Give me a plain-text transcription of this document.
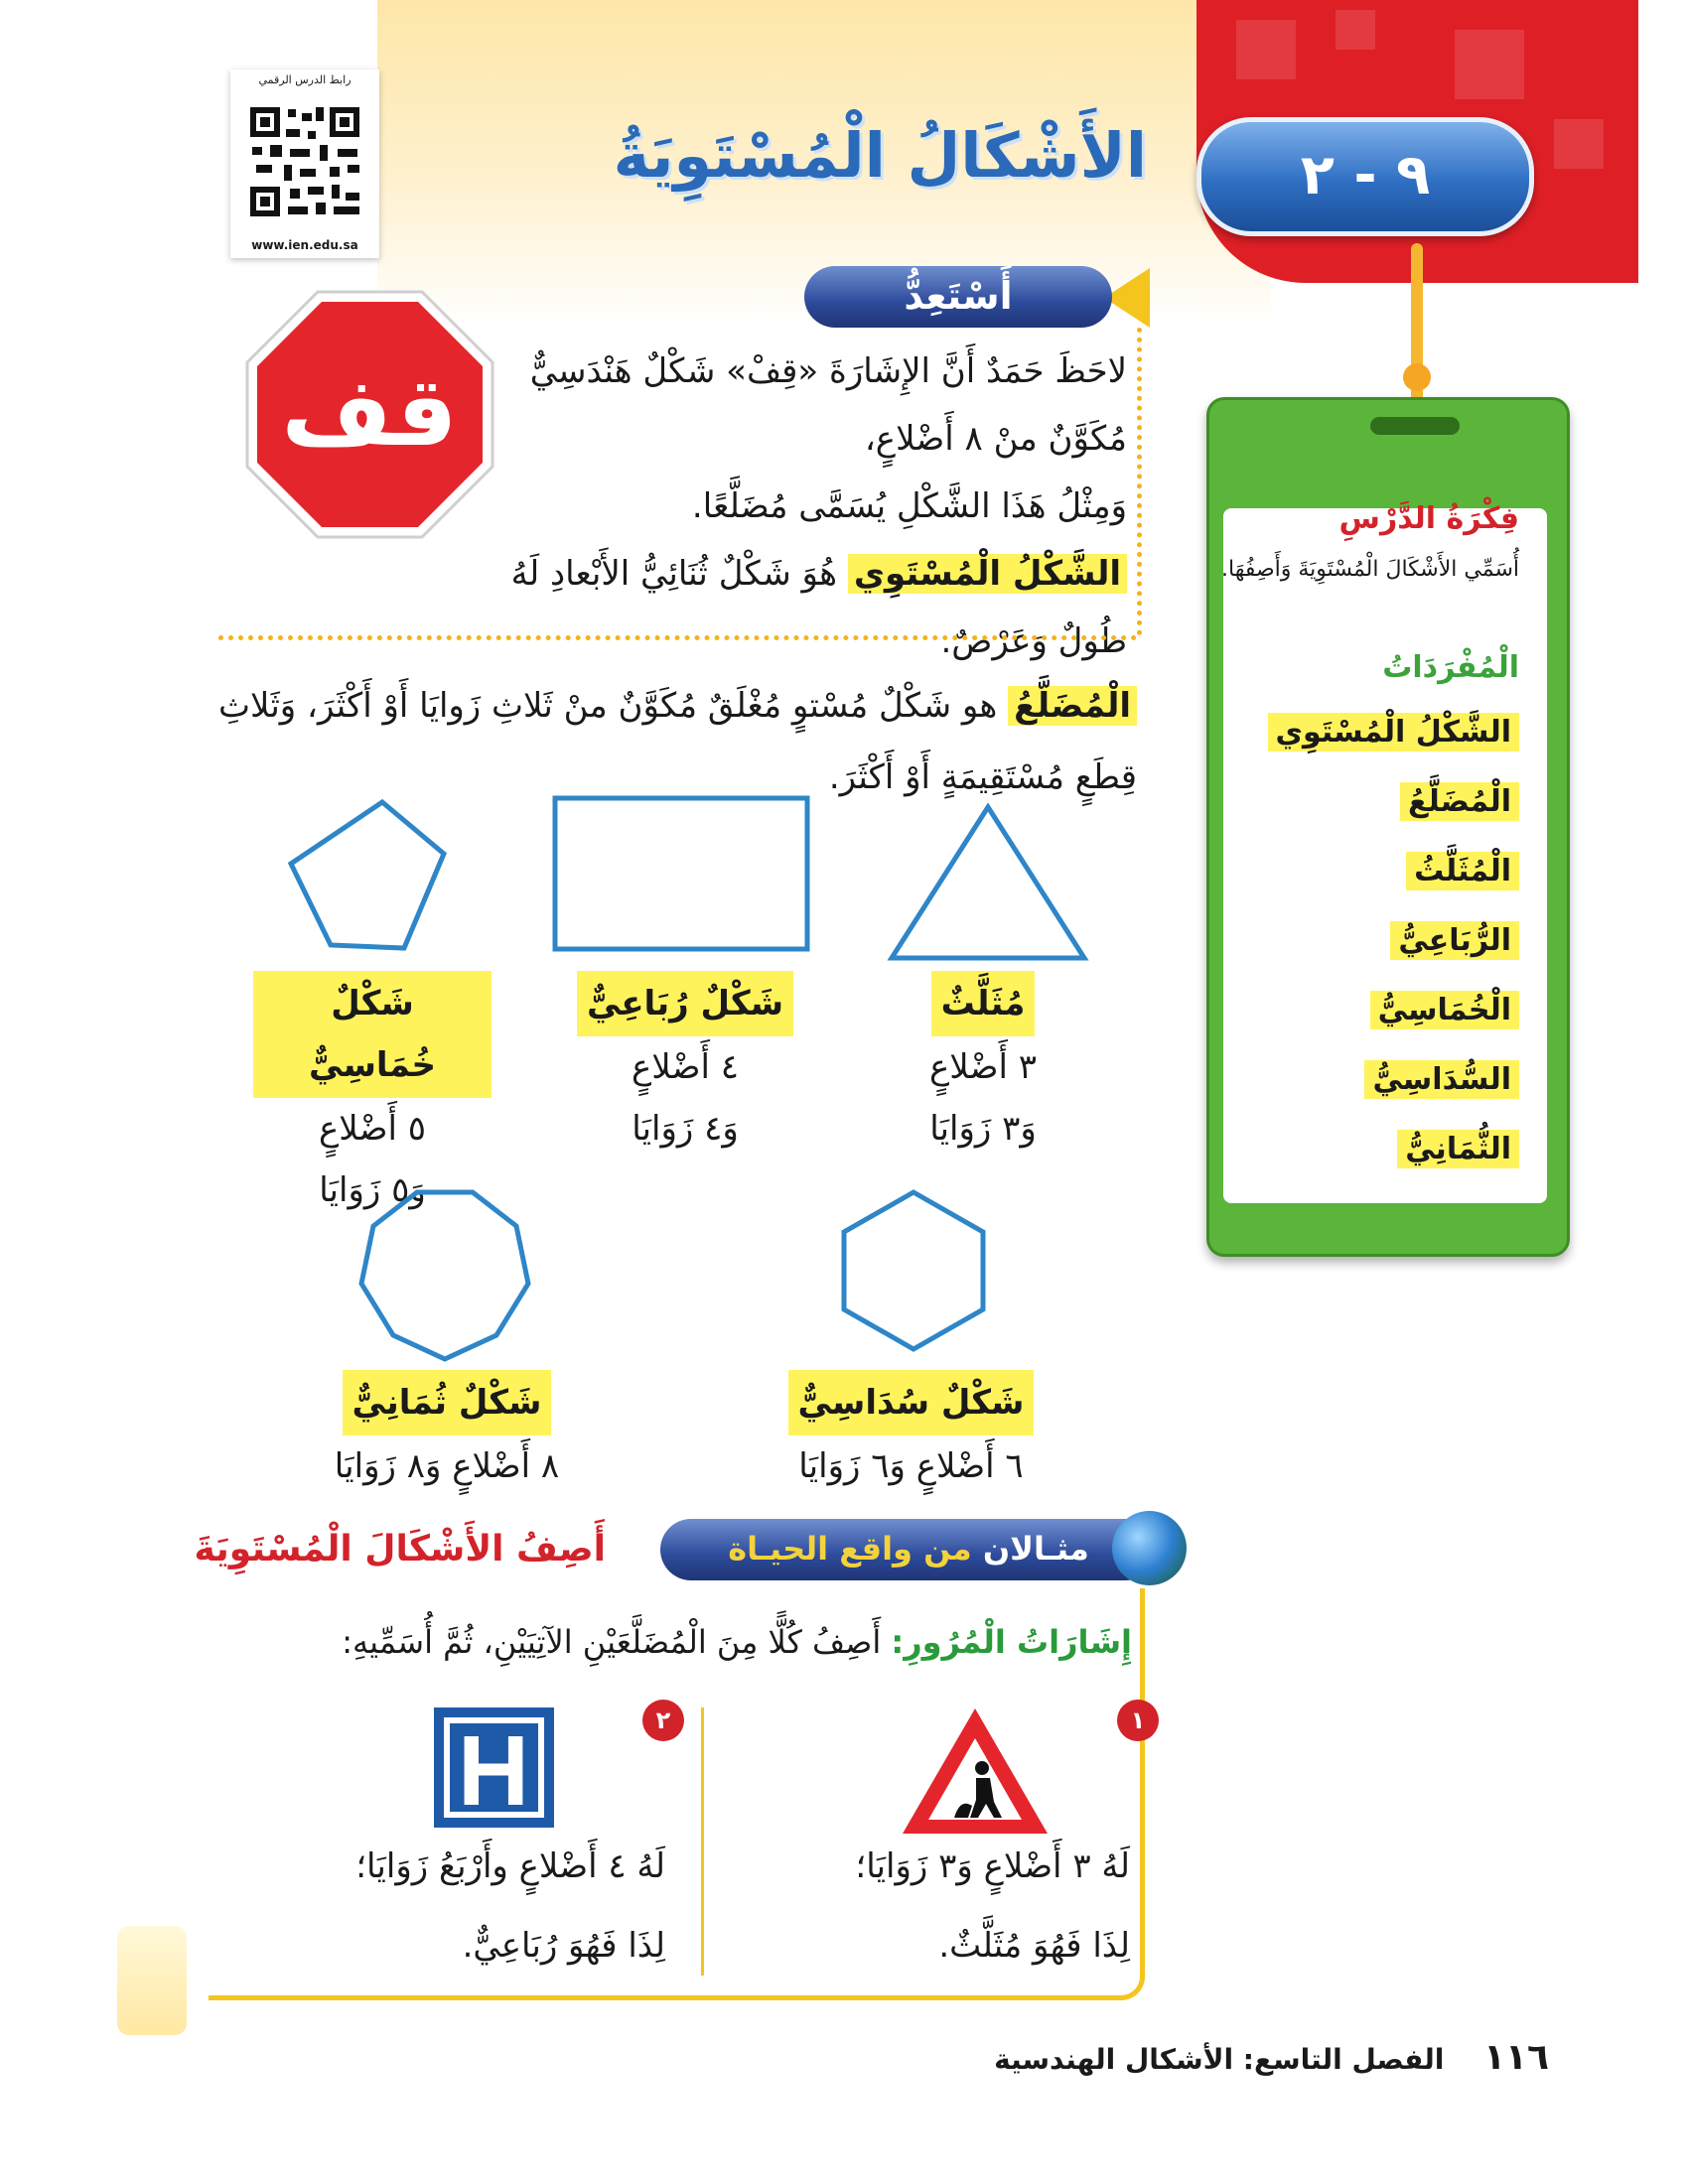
٩ - ٢
الأَشْكَالُ الْمُسْتَوِيَةُ
رابط الدرس الرقمي
www.ien.edu.sa
أَسْتَعِدُّ
قف	لاحَظَ حَمَدٌ أَنَّ الإِشَارَةَ «قِفْ» شَكْلٌ هَنْدَسِيٌّ
مُكَوَّنٌ منْ ٨ أَضْلاعٍ،
وَمِثْلُ هَذَا الشَّكْلِ يُسَمَّى مُضَلَّعًا.
الشَّكْلُ الْمُسْتَوِي هُوَ شَكْلٌ ثُنَائِيُّ الأَبْعادِ لَهُ طُولٌ وَعَرْضٌ.
الْمُضَلَّعُ هو شَكْلٌ مُسْتوٍ مُغْلَقٌ مُكَوَّنٌ منْ ثَلاثِ زَوايَا أَوْ أَكْثَرَ، وَثَلاثِ قِطَعٍ مُسْتَقِيمَةٍ أَوْ أَكْثَرَ.
مُثَلَّثٌ
٣ أَضْلاعٍ
وَ٣ زَوَايَا
شَكْلٌ رُبَاعِيٌّ
٤ أَضْلاعٍ
وَ٤ زَوَايَا
شَكْلٌ خُمَاسِيٌّ
٥ أَضْلاعٍ
وَ٥ زَوَايَا
شَكْلٌ سُدَاسِيٌّ
٦ أَضْلاعٍ وَ٦ زَوَايَا
شَكْلٌ ثُمَانِيٌّ
٨ أَضْلاعٍ وَ٨ زَوَايَا
فِكْرَةُ الدَّرْسِ
أُسَمِّي الأَشْكَالَ الْمُسْتَوِيَةَ وَأَصِفُهَا.
الْمُفْرَدَاتُ
الشَّكْلُ الْمُسْتَوِي
الْمُضَلَّعُ
الْمُثَلَّثُ
الرُّبَاعِيُّ
الْخُمَاسِيُّ
السُّدَاسِيُّ
الثُّمَانِيُّ
أَصِفُ الأَشْكَالَ الْمُسْتَوِيَةَ	مثـالان من واقع الحيـاة
إِشَارَاتُ الْمُرُورِ: أَصِفُ كُلًّا مِنَ الْمُضَلَّعَيْنِ الآتِيَيْنِ، ثُمَّ أُسَمِّيهِ:
١
لَهُ ٣ أَضْلاعٍ وَ٣ زَوَايَا؛
لِذَا فَهُوَ مُثَلَّثٌ.
٢
H
لَهُ ٤ أَضْلاعٍ وأَرْبَعُ زَوَايَا؛
لِذَا فَهُوَ رُبَاعِيٌّ.
١١٦ الفصل التاسع: الأشكال الهندسية
